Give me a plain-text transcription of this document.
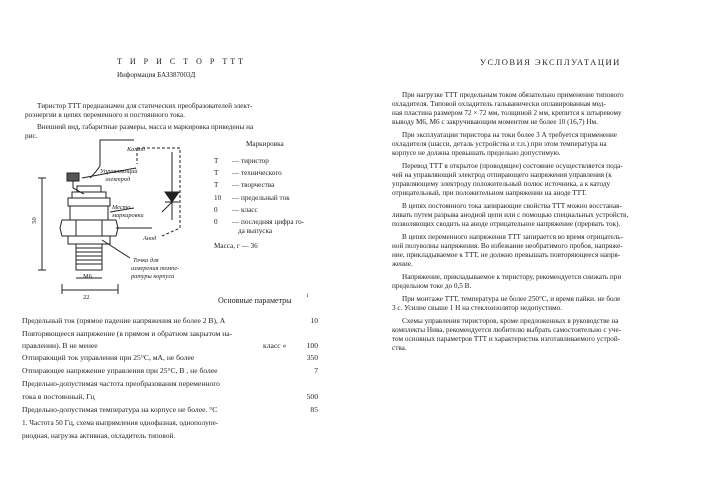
Т И Р И С Т О Р ТТТ
Информация БАЗ387003Д
Тиристор ТТТ предназначен для статических преобразователей элект-
роэнергии в цепях переменного и постоянного тока.
Внешний вид, габаритные размеры, масса и маркировка приведены на
рис.
Катод
Управляющий
электрод
Место
маркировки
Анод
Точка для
измерения темпе-
ратуры корпуса
50
М6
22
Маркировка
Т — тиристор
Т — технического
Т — творчества
10 — предельный ток
0 — класс
0 — последняя цифра го-
да выпуска
Масса, г — 36
Основные параметры	1
Предельный ток (прямое падение напряжения не более 2 В), А	10
Повторяющееся напряжение (в прямом и обратном закрытом на-
правлении). В не менее	класс «	100
Отпирающий ток управления при 25°С, мА, не более	350
Отпирающее напряжение управления при 25°С, В , не более	7
Предельно-допустимая частота преобразования переменного
тока в постоянный, Гц	500
Предельно-допустимая температура на корпусе не более. °С	85
1. Частота 50 Гц, схема выпрямления однофазная, однополупе-
риодная, нагрузка активная, охладитель типовой.
УСЛОВИЯ ЭКСПЛУАТАЦИИ
При нагрузке ТТТ предельным током обязательно применение типового
охладителя. Типовой охладитель гальванически оплавированная мед-
ная пластина размером 72 × 72 мм, толщиной 2 мм, крепится к штыревому
выводу М6, М6 с закручивающим моментом не более 10 (16,7) Нм.
При эксплуатации тиристора на токи более 3 А требуется применение
охладителя (шасси, деталь устройства и т.п.) при этом температура на
корпусе не должна превышать предельно допустимую.
Перевод ТТТ в открытое (проводящее) состояние осуществляется пода-
чей на управляющий электрод отпирающего напряжения управления (к
управляющему электроду положительный полюс источника, а к катоду
отрицательный, при положительном напряжении на аноде ТТТ.
В цепях постоянного тока запирающие свойства ТТТ можно восстанав-
ливать путем разрыва анодной цепи или с помощью специальных устройств,
позволяющих сводить на аноде отрицательное напряжение (прервать ток).
В цепях переменного напряжения ТТТ запирается во время отрицатель-
ной полуволны напряжения. Во избежание необратимого пробоя, напряже-
ние, прикладываемое к ТТТ, не должно превышать повторяющееся напря-
жение.
Напряжение, прикладываемое к тиристору, рекомендуется снижать при
предельном токе до 0,5 В.
При монтаже ТТТ, температура не более 250°С, и время пайки. не боле
3 с. Усилие свыше 1 Н на стеклоизолятор недопустимо.
Схемы управления тиристоров, кроме предложенных в руководстве на
комплекты Нива, рекомендуется любителю выбрать самостоятельно с уче-
том основных параметров ТТТ и характеристик изготавливаемого устрой-
ства.
